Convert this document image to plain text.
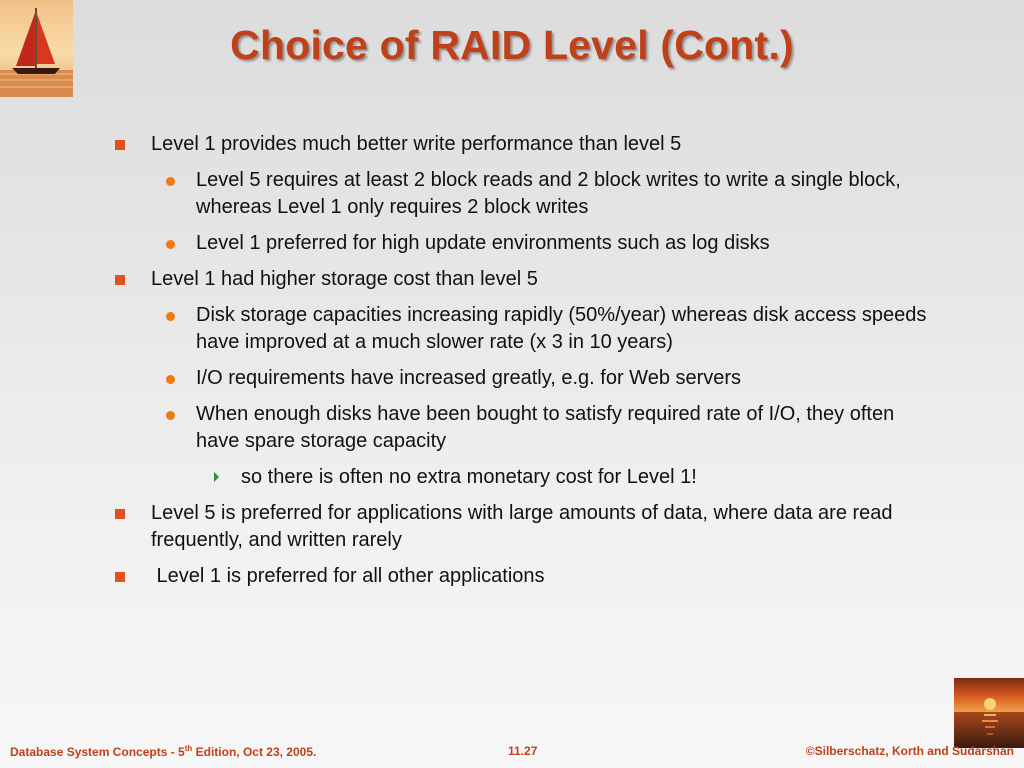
Choice of RAID Level (Cont.)
Level 1 provides much better write performance than level 5
Level 5 requires at least 2 block reads and 2 block writes to write a single block, whereas Level 1 only requires 2 block writes
Level 1 preferred for high update environments such as log disks
Level 1 had higher storage cost than level 5
Disk storage capacities increasing rapidly (50%/year) whereas disk access speeds have improved at a much slower rate (x 3 in 10 years)
I/O requirements have increased greatly, e.g. for Web servers
When enough disks have been bought to satisfy required rate of I/O, they often have spare storage capacity
so there is often no extra monetary cost for Level 1!
Level 5 is preferred for applications with large amounts of data, where data are read frequently, and written rarely
Level 1 is preferred for all other applications
Database System Concepts - 5th Edition, Oct 23, 2005.	11.27	©Silberschatz, Korth and Sudarshan
